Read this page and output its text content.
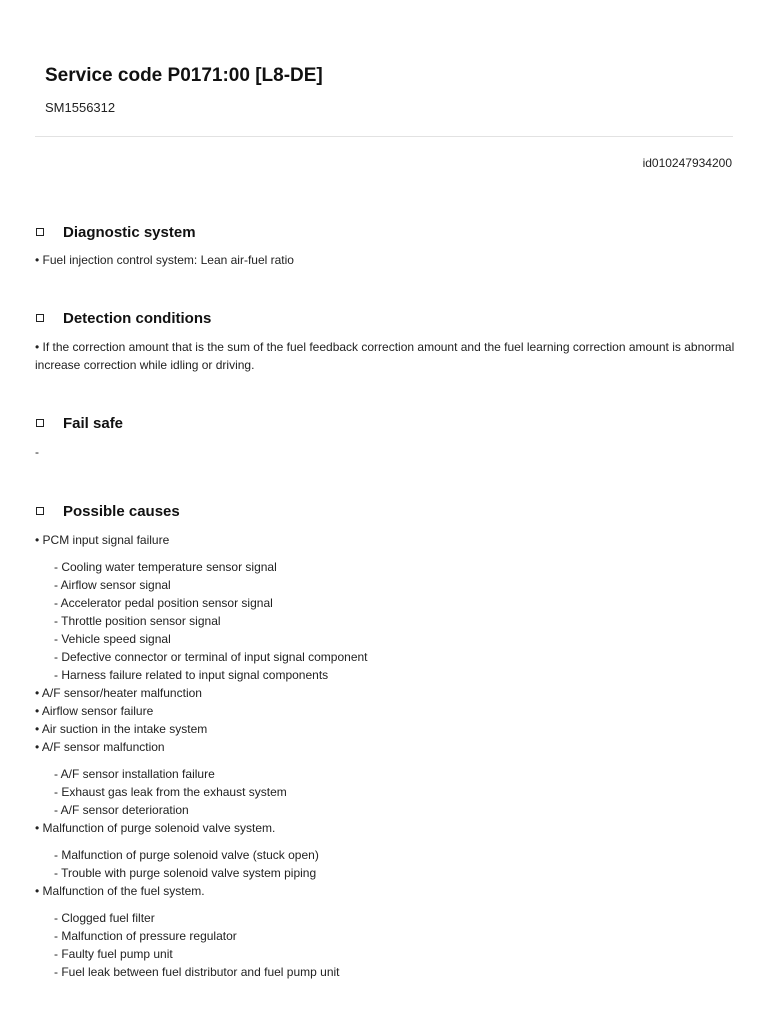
Service code P0171:00 [L8-DE]
SM1556312
id010247934200
Diagnostic system

• Fuel injection control system: Lean air-fuel ratio

Detection conditions

• If the correction amount that is the sum of the fuel feedback correction amount and the fuel learning correction amount is abnormal increase correction while idling or driving.

Fail safe

-

Possible causes
• PCM input signal failure
- Cooling water temperature sensor signal
- Airflow sensor signal
- Accelerator pedal position sensor signal
- Throttle position sensor signal
- Vehicle speed signal
- Defective connector or terminal of input signal component
- Harness failure related to input signal components
• A/F sensor/heater malfunction
• Airflow sensor failure
• Air suction in the intake system
• A/F sensor malfunction
- A/F sensor installation failure
- Exhaust gas leak from the exhaust system
- A/F sensor deterioration
• Malfunction of purge solenoid valve system.
- Malfunction of purge solenoid valve (stuck open)
- Trouble with purge solenoid valve system piping
• Malfunction of the fuel system.
- Clogged fuel filter
- Malfunction of pressure regulator
- Faulty fuel pump unit
- Fuel leak between fuel distributor and fuel pump unit
